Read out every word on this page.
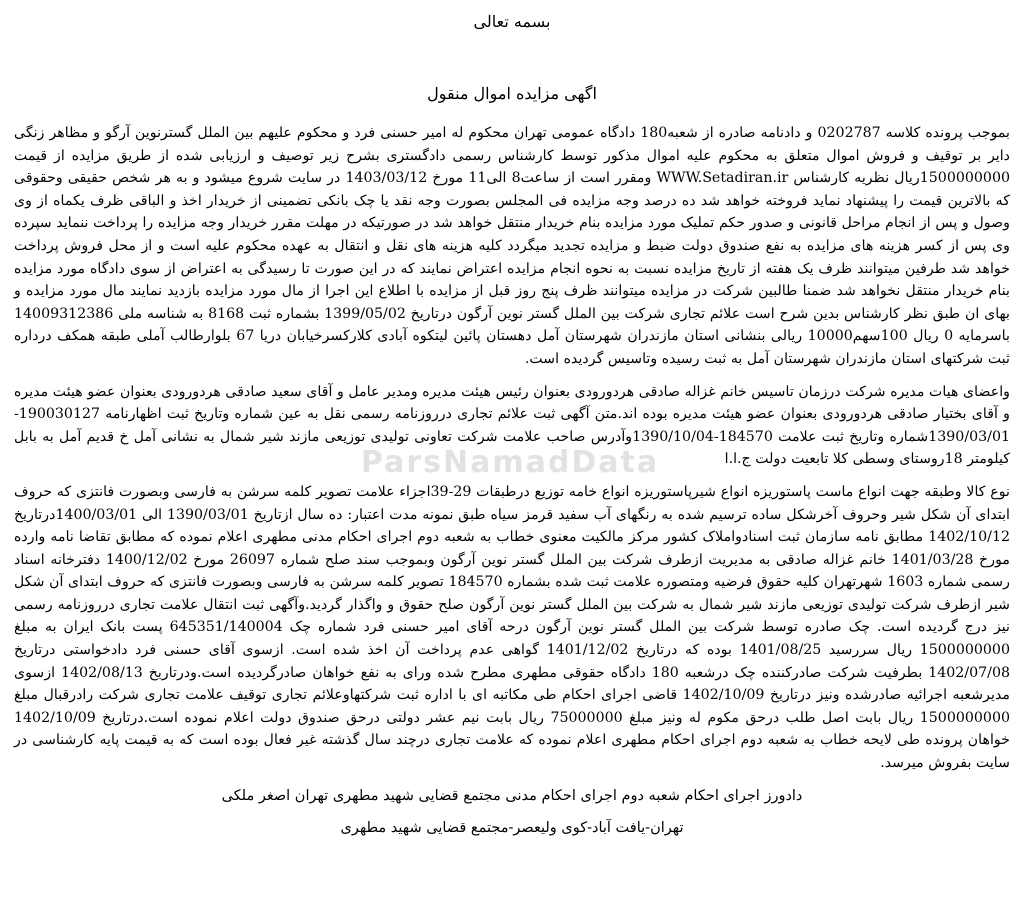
بسمه تعالی

اگهی مزایده اموال منقول

بموجب پرونده کلاسه 0202787 و دادنامه صادره از شعبه180 دادگاه عمومی تهران محکوم له امیر حسنی فرد و محکوم علیهم بین الملل گسترنوین آرگو و مظاهر زنگی دایر بر توقیف و فروش اموال متعلق به محکوم علیه اموال مذکور توسط کارشناس رسمی دادگستری بشرح زیر توصیف و ارزیابی شده از طریق مزایده از قیمت 1500000000ریال نظریه کارشناس WWW.Setadiran.ir ومقرر است از ساعت8 الی11 مورخ 1403/03/12 در سایت شروع میشود و به هر شخص حقیقی وحقوقی که بالاترین قیمت را پیشنهاد نماید فروخته خواهد شد ده درصد وجه مزایده فی المجلس بصورت وجه نقد یا چک بانکی تضمینی از خریدار اخذ و الباقی ظرف یکماه از وی وصول و پس از انجام مراحل قانونی و صدور حکم تملیک مورد مزایده بنام خریدار منتقل خواهد شد در صورتیکه در مهلت مقرر خریدار وجه مزایده را پرداخت ننماید سپرده وی پس از کسر هزینه های مزایده به نفع صندوق دولت ضبط و مزایده تجدید میگردد کلیه هزینه های نقل و انتقال به عهده محکوم علیه است و از محل فروش پرداخت خواهد شد طرفین میتوانند ظرف یک هفته از تاریخ مزایده نسبت به نحوه انجام مزایده اعتراض نمایند که در این صورت تا رسیدگی به اعتراض از سوی دادگاه مورد مزایده بنام خریدار منتقل نخواهد شد ضمنا طالبین شرکت در مزایده میتوانند ظرف پنج روز قبل از مزایده با اطلاع این اجرا از مال مورد مزایده بازدید نمایند مال مورد مزایده و بهای ان طبق نظر کارشناس بدین شرح است علائم تجاری شرکت بین الملل گستر نوین آرگون درتاریخ 1399/05/02 بشماره ثبت 8168 به شناسه ملی 14009312386 باسرمایه 0 ریال 100سهم10000 ریالی بنشانی استان مازندران شهرستان آمل دهستان پائین لیتکوه آبادی کلارکسرخیابان دریا 67 بلوارطالب آملی طبقه همکف درداره ثبت شرکتهای استان مازندران شهرستان آمل به ثبت رسیده وتاسیس گردیده است.

واعضای هیات مدیره شرکت درزمان تاسیس خانم غزاله صادقی هردورودی بعنوان رئیس هیئت مدیره ومدیر عامل و آقای سعید صادقی هردورودی بعنوان عضو هیئت مدیره و آقای بختیار صادقی هردورودی بعنوان عضو هیئت مدیره بوده اند.متن آگهی ثبت علائم تجاری درروزنامه رسمی نقل به عین شماره وتاریخ ثبت اظهارنامه 190030127-1390/03/01شماره وتاریخ ثبت علامت 184570-1390/10/04وآدرس صاحب علامت شرکت تعاونی تولیدی توزیعی مازند شیر شمال به نشانی آمل خ قدیم آمل به بابل کیلومتر 18روستای وسطی کلا تابعیت دولت ج.ا.ا

نوع کالا وطبقه جهت انواع ماست پاستوریزه انواع شیرپاستوریزه انواع خامه توزیع درطبقات 29-39اجزاء علامت تصویر کلمه سرشن به فارسی وبصورت فانتزی که حروف ابتدای آن شکل شیر وحروف آخرشکل ساده ترسیم شده به رنگهای آب سفید قرمز سیاه طبق نمونه مدت اعتبار: ده سال ازتاریخ 1390/03/01 الی 1400/03/01درتاریخ 1402/10/12 مطابق نامه سازمان ثبت اسنادواملاک کشور مرکز مالکیت معنوی خطاب به شعبه دوم اجرای احکام مدنی مطهری اعلام نموده که مطابق تقاضا نامه وارده مورخ 1401/03/28 خانم غزاله صادقی به مدیریت ازطرف شرکت بین الملل گستر نوین آرگون وبموجب سند صلح شماره 26097 مورخ 1400/12/02 دفترخانه اسناد رسمی شماره 1603 شهرتهران کلیه حقوق فرضیه ومتصوره علامت ثبت شده بشماره 184570 تصویر کلمه سرشن به فارسی وبصورت فانتزی که حروف ابتدای آن شکل شیر ازطرف شرکت تولیدی توزیعی مازند شیر شمال به شرکت بین الملل گستر نوین آرگون صلح حقوق و واگذار گردید.وآگهی ثبت انتقال علامت تجاری درروزنامه رسمی نیز درج گردیده است. چک صادره توسط شرکت بین الملل گستر نوین آرگون درحه آقای امیر حسنی فرد شماره چک 645351/140004 پست بانک ایران به مبلغ 1500000000 ریال سررسید 1401/08/25 بوده که درتاریخ 1401/12/02 گواهی عدم پرداخت آن اخذ شده است. ازسوی آقای حسنی فرد دادخواستی درتاریخ 1402/07/08 بطرفیت شرکت صادرکننده چک درشعبه 180 دادگاه حقوقی مطهری مطرح شده ورای به نفع خواهان صادرگردیده است.ودرتاریخ 1402/08/13 ازسوی مدیرشعبه اجرائیه صادرشده ونیز درتاریخ 1402/10/09 قاضی اجرای احکام طی مکاتبه ای با اداره ثبت شرکتهاوعلائم تجاری توقیف علامت تجاری شرکت رادرقبال مبلغ 1500000000 ریال بابت اصل طلب درحق مکوم له ونیز مبلغ 75000000 ریال بابت نیم عشر دولتی درحق صندوق دولت اعلام نموده است.درتاریخ 1402/10/09 خواهان پرونده طی لایحه خطاب به شعبه دوم اجرای احکام مطهری اعلام نموده که علامت تجاری درچند سال گذشته غیر فعال بوده است که به قیمت پایه کارشناسی در سایت بفروش میرسد.

دادورز اجرای احکام شعبه دوم اجرای احکام مدنی مجتمع قضایی شهید مطهری تهران اصغر ملکی

تهران-یافت آباد-کوی ولیعصر-مجتمع قضایی شهید مطهری

ParsNamadData
